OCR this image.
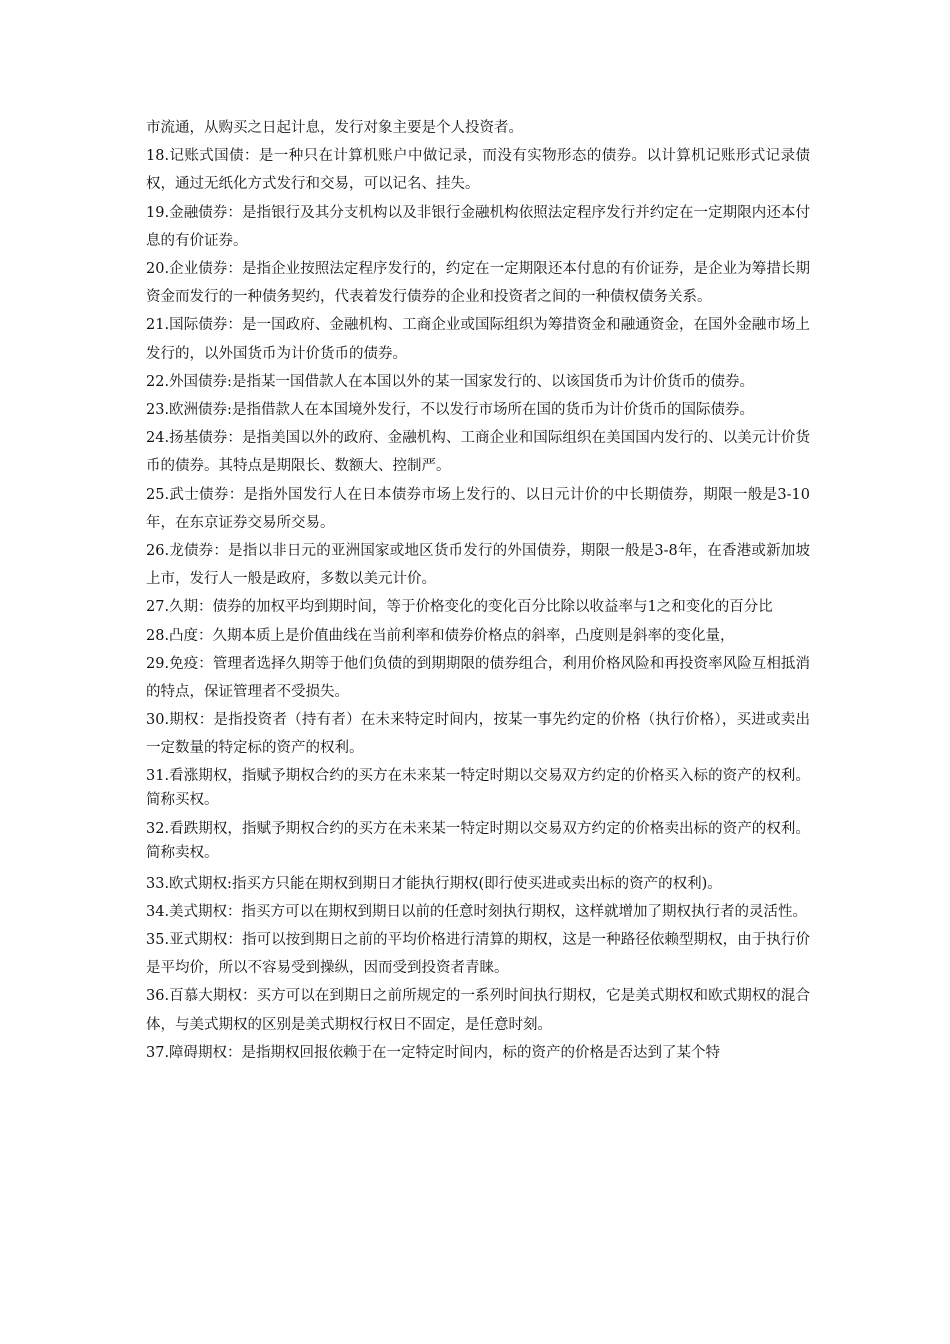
市流通，从购买之日起计息，发行对象主要是个人投资者。

18.记账式国债：是一种只在计算机账户中做记录，而没有实物形态的债券。以计算机记账形式记录债权，通过无纸化方式发行和交易，可以记名、挂失。

19.金融债券：是指银行及其分支机构以及非银行金融机构依照法定程序发行并约定在一定期限内还本付息的有价证券。

20.企业债券：是指企业按照法定程序发行的，约定在一定期限还本付息的有价证券，是企业为筹措长期资金而发行的一种债务契约，代表着发行债券的企业和投资者之间的一种债权债务关系。

21.国际债券：是一国政府、金融机构、工商企业或国际组织为筹措资金和融通资金，在国外金融市场上发行的，以外国货币为计价货币的债券。

22.外国债券:是指某一国借款人在本国以外的某一国家发行的、以该国货币为计价货币的债券。

23.欧洲债券:是指借款人在本国境外发行，不以发行市场所在国的货币为计价货币的国际债券。

24.扬基债券：是指美国以外的政府、金融机构、工商企业和国际组织在美国国内发行的、以美元计价货币的债券。其特点是期限长、数额大、控制严。

25.武士债券：是指外国发行人在日本债券市场上发行的、以日元计价的中长期债券，期限一般是3-10年，在东京证券交易所交易。

26.龙债券：是指以非日元的亚洲国家或地区货币发行的外国债券，期限一般是3-8年，在香港或新加坡上市，发行人一般是政府，多数以美元计价。

27.久期：债券的加权平均到期时间，等于价格变化的变化百分比除以收益率与1之和变化的百分比

28.凸度：久期本质上是价值曲线在当前利率和债券价格点的斜率，凸度则是斜率的变化量，

29.免疫：管理者选择久期等于他们负债的到期期限的债券组合，利用价格风险和再投资率风险互相抵消的特点，保证管理者不受损失。

30.期权：是指投资者（持有者）在未来特定时间内，按某一事先约定的价格（执行价格），买进或卖出一定数量的特定标的资产的权利。

31.看涨期权，指赋予期权合约的买方在未来某一特定时期以交易双方约定的价格买入标的资产的权利。简称买权。

32.看跌期权，指赋予期权合约的买方在未来某一特定时期以交易双方约定的价格卖出标的资产的权利。简称卖权。

33.欧式期权:指买方只能在期权到期日才能执行期权(即行使买进或卖出标的资产的权利)。

34.美式期权：指买方可以在期权到期日以前的任意时刻执行期权，这样就增加了期权执行者的灵活性。

35.亚式期权：指可以按到期日之前的平均价格进行清算的期权，这是一种路径依赖型期权，由于执行价是平均价，所以不容易受到操纵，因而受到投资者青睐。

36.百慕大期权：买方可以在到期日之前所规定的一系列时间执行期权，它是美式期权和欧式期权的混合体，与美式期权的区别是美式期权行权日不固定，是任意时刻。

37.障碍期权：是指期权回报依赖于在一定特定时间内，标的资产的价格是否达到了某个特
